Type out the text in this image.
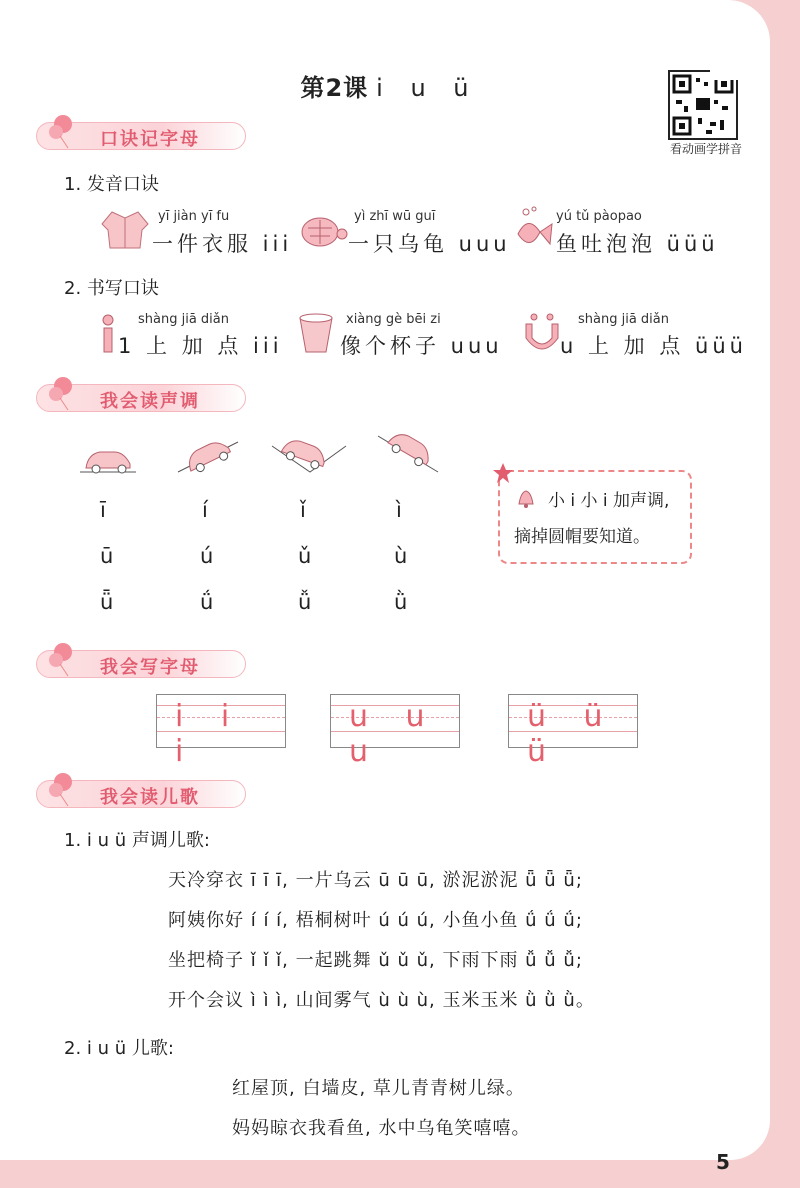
第2课 i u ü
看动画学拼音
口诀记字母
1. 发音口诀
yī jiàn yī fu
一件衣服 iii
yì zhī wū guī
一只乌龟 uuu
yú tǔ pàopao
鱼吐泡泡 üüü
2. 书写口诀
shàng jiā diǎn
1 上 加 点 iii
xiàng gè bēi zi
像个杯子 uuu
shàng jiā diǎn
u 上 加 点 üüü
我会读声调
ī	í	ǐ	ì
ū	ú	ǔ	ù
ǖ	ǘ	ǚ	ǜ
小 i 小 i 加声调,
摘掉圆帽要知道。
我会写字母
i i i
u u u
ü ü ü
我会读儿歌
1. i u ü 声调儿歌:
天冷穿衣 ī ī ī, 一片乌云 ū ū ū, 淤泥淤泥 ǖ ǖ ǖ;
阿姨你好 í í í, 梧桐树叶 ú ú ú, 小鱼小鱼 ǘ ǘ ǘ;
坐把椅子 ǐ ǐ ǐ, 一起跳舞 ǔ ǔ ǔ, 下雨下雨 ǚ ǚ ǚ;
开个会议 ì ì ì, 山间雾气 ù ù ù, 玉米玉米 ǜ ǜ ǜ。
2. i u ü 儿歌:
红屋顶, 白墙皮, 草儿青青树儿绿。
妈妈晾衣我看鱼, 水中乌龟笑嘻嘻。
5
